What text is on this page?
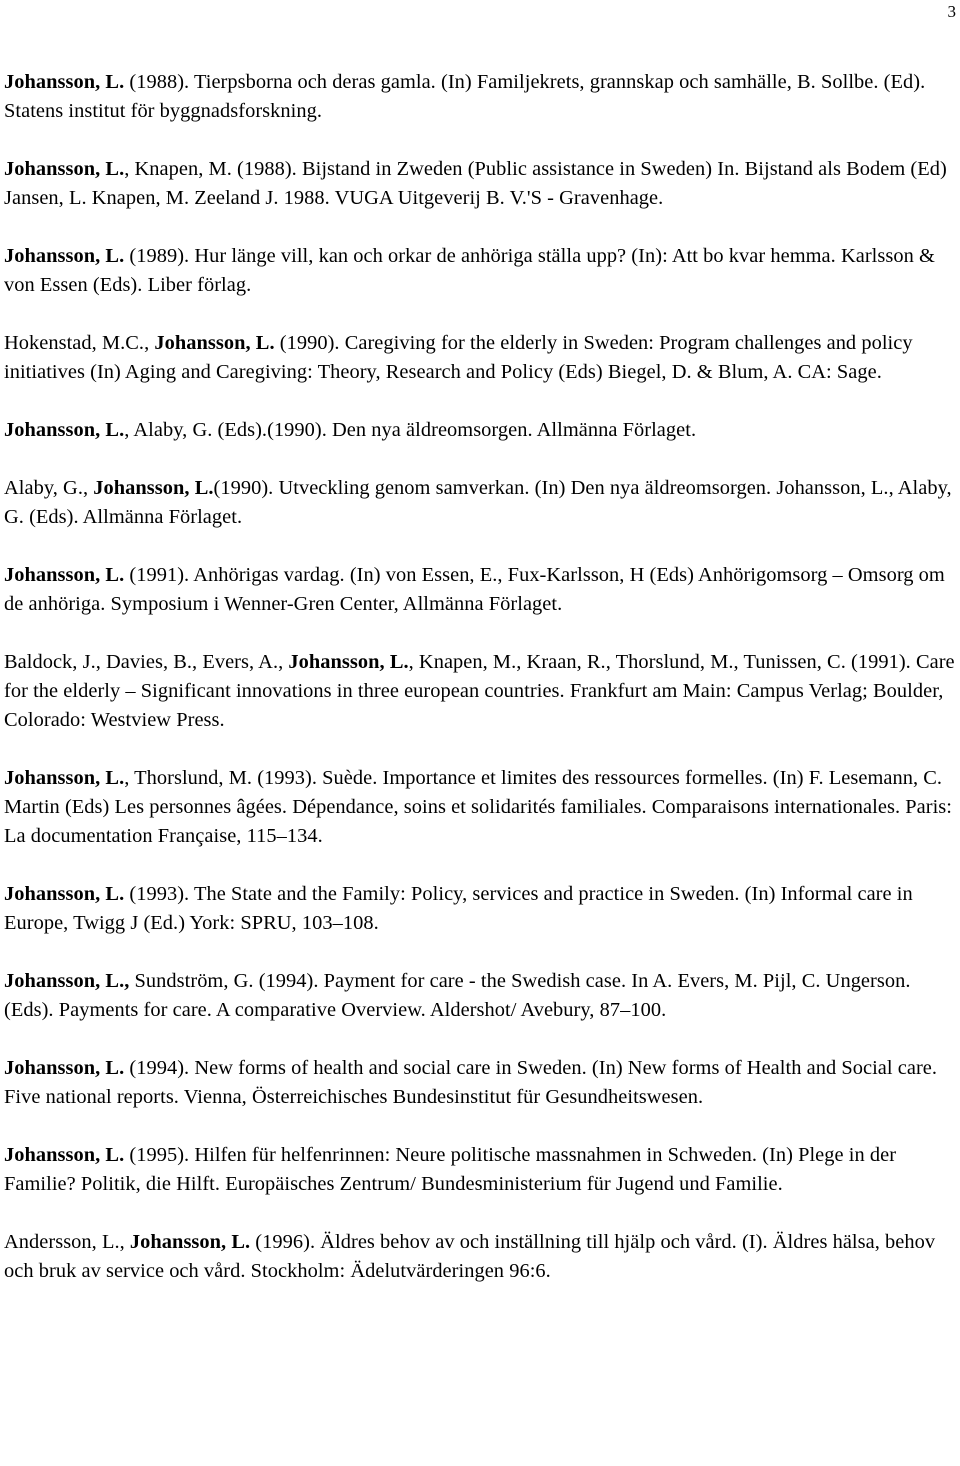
3

Johansson, L. (1988). Tierpsborna och deras gamla. (In) Familjekrets, grannskap och samhälle, B. Sollbe. (Ed). Statens institut för byggnadsforskning.

Johansson, L., Knapen, M. (1988). Bijstand in Zweden (Public assistance in Sweden) In. Bijstand als Bodem (Ed) Jansen, L. Knapen, M. Zeeland J. 1988. VUGA Uitgeverij B. V.'S - Gravenhage.

Johansson, L. (1989). Hur länge vill, kan och orkar de anhöriga ställa upp? (In): Att bo kvar hemma. Karlsson & von Essen (Eds). Liber förlag.

Hokenstad, M.C., Johansson, L. (1990). Caregiving for the elderly in Sweden: Program challenges and policy initiatives (In) Aging and Caregiving: Theory, Research and Policy (Eds) Biegel, D. & Blum, A. CA: Sage.

Johansson, L., Alaby, G. (Eds).(1990). Den nya äldreomsorgen. Allmänna Förlaget.

Alaby, G., Johansson, L.(1990). Utveckling genom samverkan. (In) Den nya äldreomsorgen. Johansson, L., Alaby, G. (Eds). Allmänna Förlaget.

Johansson, L. (1991). Anhörigas vardag. (In) von Essen, E., Fux-Karlsson, H (Eds) Anhörigomsorg – Omsorg om de anhöriga. Symposium i Wenner-Gren Center, Allmänna Förlaget.

Baldock, J., Davies, B., Evers, A., Johansson, L., Knapen, M., Kraan, R., Thorslund, M., Tunissen, C. (1991). Care for the elderly – Significant innovations in three european countries. Frankfurt am Main: Campus Verlag; Boulder, Colorado: Westview Press.

Johansson, L., Thorslund, M. (1993). Suède. Importance et limites des ressources formelles. (In) F. Lesemann, C. Martin (Eds) Les personnes âgées. Dépendance, soins et solidarités familiales. Comparaisons internationales. Paris: La documentation Française, 115–134.

Johansson, L. (1993). The State and the Family: Policy, services and practice in Sweden. (In) Informal care in Europe, Twigg J (Ed.) York: SPRU, 103–108.

Johansson, L., Sundström, G. (1994). Payment for care - the Swedish case. In A. Evers, M. Pijl, C. Ungerson. (Eds). Payments for care. A comparative Overview. Aldershot/ Avebury, 87–100.

Johansson, L. (1994). New forms of health and social care in Sweden. (In) New forms of Health and Social care. Five national reports. Vienna, Österreichisches Bundesinstitut für Gesundheitswesen.

Johansson, L. (1995). Hilfen für helfenrinnen: Neure politische massnahmen in Schweden. (In) Plege in der Familie? Politik, die Hilft. Europäisches Zentrum/ Bundesministerium für Jugend und Familie.

Andersson, L., Johansson, L. (1996). Äldres behov av och inställning till hjälp och vård. (I). Äldres hälsa, behov och bruk av service och vård. Stockholm: Ädelutvärderingen 96:6.
